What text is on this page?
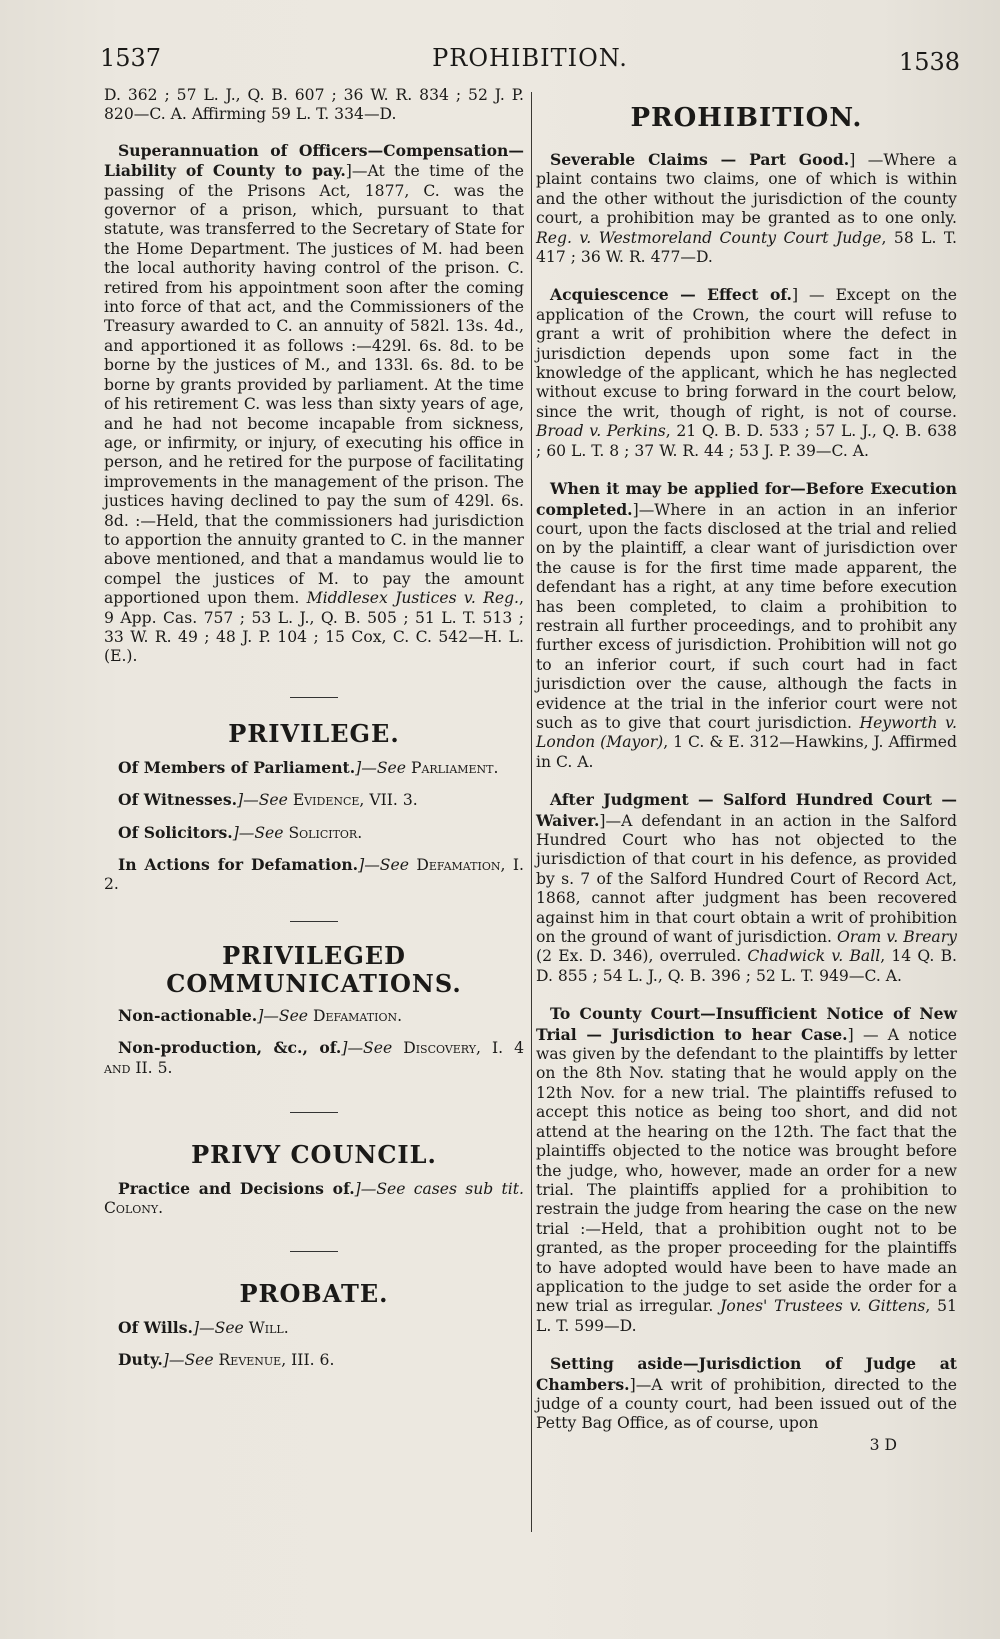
1537	PROHIBITION.	1538

D. 362 ; 57 L. J., Q. B. 607 ; 36 W. R. 834 ; 52 J. P. 820—C. A. Affirming 59 L. T. 334—D.

Superannuation of Officers—Compensation—Liability of County to pay.]—At the time of the passing of the Prisons Act, 1877, C. was the governor of a prison, which, pursuant to that statute, was transferred to the Secretary of State for the Home Department. The justices of M. had been the local authority having control of the prison. C. retired from his appointment soon after the coming into force of that act, and the Commissioners of the Treasury awarded to C. an annuity of 582l. 13s. 4d., and apportioned it as follows :—429l. 6s. 8d. to be borne by the justices of M., and 133l. 6s. 8d. to be borne by grants provided by parliament. At the time of his retirement C. was less than sixty years of age, and he had not become incapable from sickness, age, or infirmity, or injury, of executing his office in person, and he retired for the purpose of facilitating improvements in the management of the prison. The justices having declined to pay the sum of 429l. 6s. 8d. :—Held, that the commissioners had jurisdiction to apportion the annuity granted to C. in the manner above mentioned, and that a mandamus would lie to compel the justices of M. to pay the amount apportioned upon them. Middlesex Justices v. Reg., 9 App. Cas. 757 ; 53 L. J., Q. B. 505 ; 51 L. T. 513 ; 33 W. R. 49 ; 48 J. P. 104 ; 15 Cox, C. C. 542—H. L. (E.).

PRIVILEGE.

Of Members of Parliament.]—See Parliament.

Of Witnesses.]—See Evidence, VII. 3.

Of Solicitors.]—See Solicitor.

In Actions for Defamation.]—See Defamation, I. 2.

PRIVILEGED COMMUNICATIONS.

Non-actionable.]—See Defamation.

Non-production, &c., of.]—See Discovery, I. 4 and II. 5.

PRIVY COUNCIL.

Practice and Decisions of.]—See cases sub tit. Colony.

PROBATE.

Of Wills.]—See Will.

Duty.]—See Revenue, III. 6.

PROHIBITION.

Severable Claims — Part Good.] —Where a plaint contains two claims, one of which is within and the other without the jurisdiction of the county court, a prohibition may be granted as to one only. Reg. v. Westmoreland County Court Judge, 58 L. T. 417 ; 36 W. R. 477—D.

Acquiescence — Effect of.] — Except on the application of the Crown, the court will refuse to grant a writ of prohibition where the defect in jurisdiction depends upon some fact in the knowledge of the applicant, which he has neglected without excuse to bring forward in the court below, since the writ, though of right, is not of course. Broad v. Perkins, 21 Q. B. D. 533 ; 57 L. J., Q. B. 638 ; 60 L. T. 8 ; 37 W. R. 44 ; 53 J. P. 39—C. A.

When it may be applied for—Before Execution completed.]—Where in an action in an inferior court, upon the facts disclosed at the trial and relied on by the plaintiff, a clear want of jurisdiction over the cause is for the first time made apparent, the defendant has a right, at any time before execution has been completed, to claim a prohibition to restrain all further proceedings, and to prohibit any further excess of jurisdiction. Prohibition will not go to an inferior court, if such court had in fact jurisdiction over the cause, although the facts in evidence at the trial in the inferior court were not such as to give that court jurisdiction. Heyworth v. London (Mayor), 1 C. & E. 312—Hawkins, J. Affirmed in C. A.

After Judgment — Salford Hundred Court — Waiver.]—A defendant in an action in the Salford Hundred Court who has not objected to the jurisdiction of that court in his defence, as provided by s. 7 of the Salford Hundred Court of Record Act, 1868, cannot after judgment has been recovered against him in that court obtain a writ of prohibition on the ground of want of jurisdiction. Oram v. Breary (2 Ex. D. 346), overruled. Chadwick v. Ball, 14 Q. B. D. 855 ; 54 L. J., Q. B. 396 ; 52 L. T. 949—C. A.

To County Court—Insufficient Notice of New Trial — Jurisdiction to hear Case.] — A notice was given by the defendant to the plaintiffs by letter on the 8th Nov. stating that he would apply on the 12th Nov. for a new trial. The plaintiffs refused to accept this notice as being too short, and did not attend at the hearing on the 12th. The fact that the plaintiffs objected to the notice was brought before the judge, who, however, made an order for a new trial. The plaintiffs applied for a prohibition to restrain the judge from hearing the case on the new trial :—Held, that a prohibition ought not to be granted, as the proper proceeding for the plaintiffs to have adopted would have been to have made an application to the judge to set aside the order for a new trial as irregular. Jones' Trustees v. Gittens, 51 L. T. 599—D.

Setting aside—Jurisdiction of Judge at Chambers.]—A writ of prohibition, directed to the judge of a county court, had been issued out of the Petty Bag Office, as of course, upon

3 D
